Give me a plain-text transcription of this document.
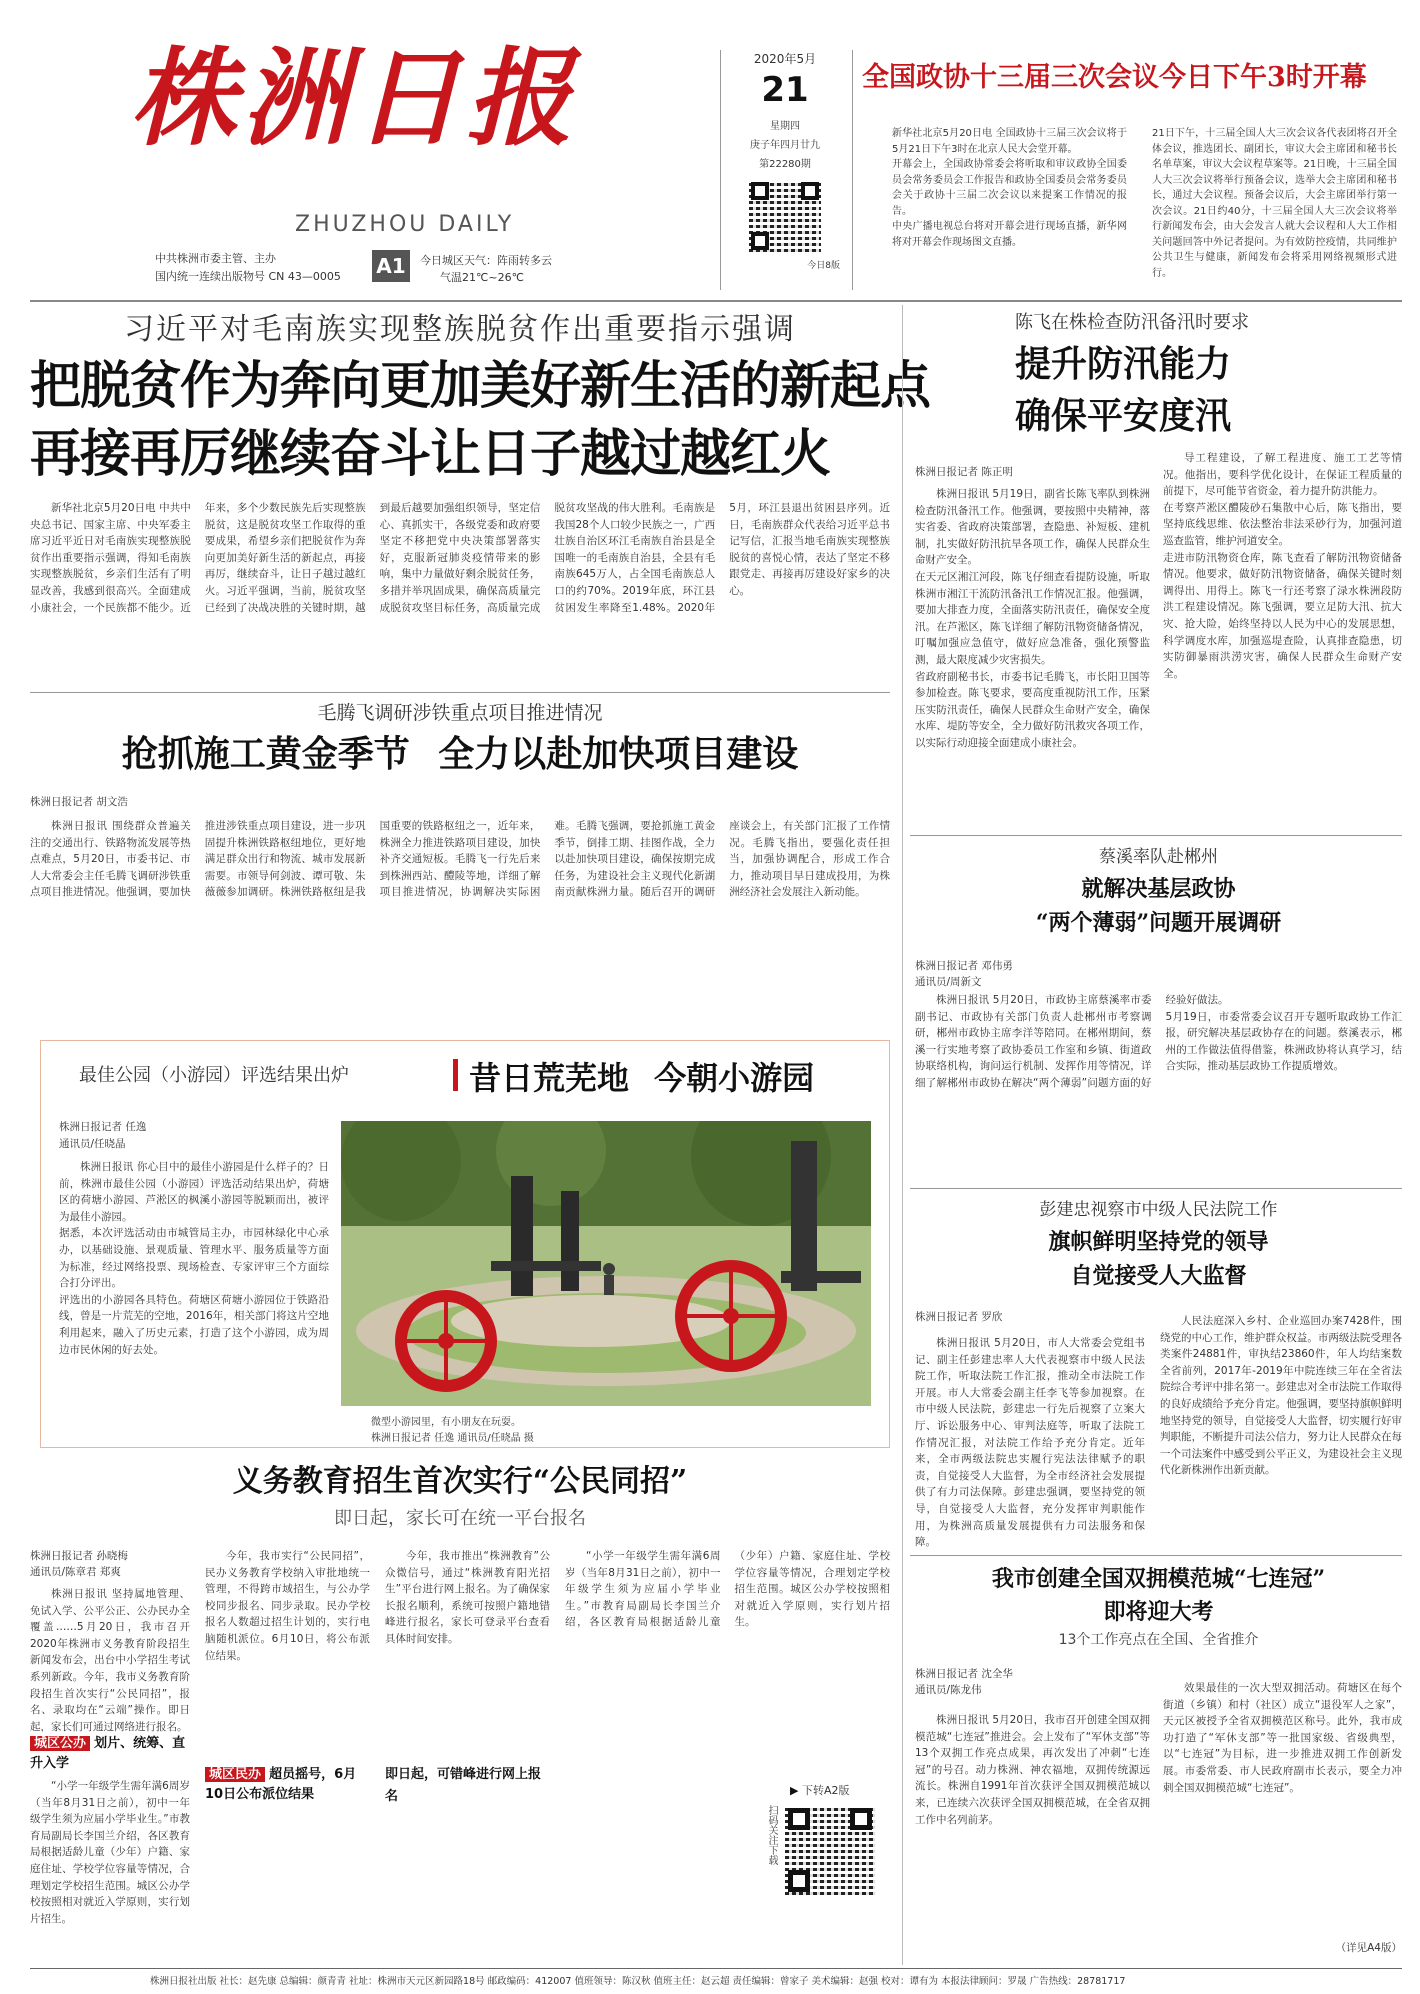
株洲日报
ZHUZHOU DAILY
中共株洲市委主管、主办
国内统一连续出版物号 CN 43—0005 A1	今日城区天气：阵雨转多云
气温21℃~26℃
2020年5月
21
星期四
庚子年四月廿九
第22280期
今日8版
全国政协十三届三次会议今日下午3时开幕
新华社北京5月20日电 全国政协十三届三次会议将于5月21日下午3时在北京人民大会堂开幕。
开幕会上，全国政协常委会将听取和审议政协全国委员会常务委员会工作报告和政协全国委员会常务委员会关于政协十三届二次会议以来提案工作情况的报告。
中央广播电视总台将对开幕会进行现场直播，新华网将对开幕会作现场图文直播。
21日下午，十三届全国人大三次会议各代表团将召开全体会议，推选团长、副团长，审议大会主席团和秘书长名单草案，审议大会议程草案等。21日晚，十三届全国人大三次会议将举行预备会议，选举大会主席团和秘书长，通过大会议程。预备会议后，大会主席团举行第一次会议。21日约40分，十三届全国人大三次会议将举行新闻发布会，由大会发言人就大会议程和人大工作相关问题回答中外记者提问。为有效防控疫情，共同维护公共卫生与健康，新闻发布会将采用网络视频形式进行。
习近平对毛南族实现整族脱贫作出重要指示强调
把脱贫作为奔向更加美好新生活的新起点
再接再厉继续奋斗让日子越过越红火
新华社北京5月20日电 中共中央总书记、国家主席、中央军委主席习近平近日对毛南族实现整族脱贫作出重要指示强调，得知毛南族实现整族脱贫，乡亲们生活有了明显改善，我感到很高兴。全面建成小康社会，一个民族都不能少。近年来，多个少数民族先后实现整族脱贫，这是脱贫攻坚工作取得的重要成果，希望乡亲们把脱贫作为奔向更加美好新生活的新起点，再接再厉，继续奋斗，让日子越过越红火。习近平强调，当前，脱贫攻坚已经到了决战决胜的关键时期，越到最后越要加强组织领导，坚定信心、真抓实干，各级党委和政府要坚定不移把党中央决策部署落实好，克服新冠肺炎疫情带来的影响，集中力量做好剩余脱贫任务，多措并举巩固成果，确保高质量完成脱贫攻坚目标任务，高质量完成脱贫攻坚战的伟大胜利。毛南族是我国28个人口较少民族之一，广西壮族自治区环江毛南族自治县是全国唯一的毛南族自治县，全县有毛南族645万人，占全国毛南族总人口的约70%。2019年底，环江县贫困发生率降至1.48%。2020年5月，环江县退出贫困县序列。近日，毛南族群众代表给习近平总书记写信，汇报当地毛南族实现整族脱贫的喜悦心情，表达了坚定不移跟党走、再接再厉建设好家乡的决心。
陈飞在株检查防汛备汛时要求
提升防汛能力
确保平安度汛
株洲日报记者 陈正明
株洲日报讯 5月19日，副省长陈飞率队到株洲检查防汛备汛工作。他强调，要按照中央精神，落实省委、省政府决策部署，查隐患、补短板、建机制，扎实做好防汛抗旱各项工作，确保人民群众生命财产安全。
在天元区湘江河段，陈飞仔细查看提防设施，听取株洲市湘江干流防汛备汛工作情况汇报。他强调，要加大排查力度，全面落实防汛责任，确保安全度汛。在芦淞区，陈飞详细了解防汛物资储备情况，叮嘱加强应急值守，做好应急准备，强化预警监测，最大限度减少灾害损失。
省政府副秘书长，市委书记毛腾飞，市长阳卫国等参加检查。陈飞要求，要高度重视防汛工作，压紧压实防汛责任，确保人民群众生命财产安全，确保水库、堤防等安全，全力做好防汛救灾各项工作，以实际行动迎接全面建成小康社会。
导工程建设，了解工程进度、施工工艺等情况。他指出，要科学优化设计，在保证工程质量的前提下，尽可能节省资金，着力提升防洪能力。
在考察芦淞区醴陵砂石集散中心后，陈飞指出，要坚持底线思维、依法整治非法采砂行为，加强河道巡查监管，维护河道安全。
走进市防汛物资仓库，陈飞查看了解防汛物资储备情况。他要求，做好防汛物资储备，确保关键时刻调得出、用得上。陈飞一行还考察了渌水株洲段防洪工程建设情况。陈飞强调，要立足防大汛、抗大灾、抢大险，始终坚持以人民为中心的发展思想，科学调度水库，加强巡堤查险，认真排查隐患，切实防御暴雨洪涝灾害，确保人民群众生命财产安全。
蔡溪率队赴郴州
就解决基层政协
“两个薄弱”问题开展调研
株洲日报记者 邓伟勇
通讯员/周新文
株洲日报讯 5月20日，市政协主席蔡溪率市委副书记、市政协有关部门负责人赴郴州市考察调研，郴州市政协主席李洋等陪同。在郴州期间，蔡溪一行实地考察了政协委员工作室和乡镇、街道政协联络机构，询问运行机制、发挥作用等情况，详细了解郴州市政协在解决“两个薄弱”问题方面的好经验好做法。
5月19日，市委常委会议召开专题听取政协工作汇报，研究解决基层政协存在的问题。蔡溪表示，郴州的工作做法值得借鉴，株洲政协将认真学习，结合实际，推动基层政协工作提质增效。
彭建忠视察市中级人民法院工作
旗帜鲜明坚持党的领导
自觉接受人大监督
株洲日报记者 罗欣
株洲日报讯 5月20日，市人大常委会党组书记、副主任彭建忠率人大代表视察市中级人民法院工作，听取法院工作汇报，推动全市法院工作开展。市人大常委会副主任李飞等参加视察。在市中级人民法院，彭建忠一行先后视察了立案大厅、诉讼服务中心、审判法庭等，听取了法院工作情况汇报，对法院工作给予充分肯定。近年来，全市两级法院忠实履行宪法法律赋予的职责，自觉接受人大监督，为全市经济社会发展提供了有力司法保障。彭建忠强调，要坚持党的领导，自觉接受人大监督，充分发挥审判职能作用，为株洲高质量发展提供有力司法服务和保障。
人民法庭深入乡村、企业巡回办案7428件，围绕党的中心工作，维护群众权益。市两级法院受理各类案件24881件，审执结23860件，年人均结案数全省前列，2017年-2019年中院连续三年在全省法院综合考评中排名第一。彭建忠对全市法院工作取得的良好成绩给予充分肯定。他强调，要坚持旗帜鲜明地坚持党的领导，自觉接受人大监督，切实履行好审判职能，不断提升司法公信力，努力让人民群众在每一个司法案件中感受到公平正义，为建设社会主义现代化新株洲作出新贡献。
我市创建全国双拥模范城“七连冠”
即将迎大考
13个工作亮点在全国、全省推介
株洲日报记者 沈全华
通讯员/陈龙伟
株洲日报讯 5月20日，我市召开创建全国双拥模范城“七连冠”推进会。会上发布了“军休支部”等13个双拥工作亮点成果，再次发出了冲刺“七连冠”的号召。动力株洲、神农福地，双拥传统源远流长。株洲自1991年首次获评全国双拥模范城以来，已连续六次获评全国双拥模范城，在全省双拥工作中名列前茅。
效果最佳的一次大型双拥活动。荷塘区在每个街道（乡镇）和村（社区）成立“退役军人之家”，天元区被授予全省双拥模范区称号。此外，我市成功打造了“军休支部”等一批国家级、省级典型，以“七连冠”为目标，进一步推进双拥工作创新发展。市委常委、市人民政府副市长表示，要全力冲刺全国双拥模范城“七连冠”。
（详见A4版）
毛腾飞调研涉铁重点项目推进情况
抢抓施工黄金季节 全力以赴加快项目建设
株洲日报记者 胡文浩
株洲日报讯 围绕群众普遍关注的交通出行、铁路物流发展等热点难点，5月20日，市委书记、市人大常委会主任毛腾飞调研涉铁重点项目推进情况。他强调，要加快推进涉铁重点项目建设，进一步巩固提升株洲铁路枢纽地位，更好地满足群众出行和物流、城市发展新需要。市领导何剑波、谭可敬、朱薇薇参加调研。株洲铁路枢纽是我国重要的铁路枢纽之一，近年来，株洲全力推进铁路项目建设，加快补齐交通短板。毛腾飞一行先后来到株洲西站、醴陵等地，详细了解项目推进情况，协调解决实际困难。毛腾飞强调，要抢抓施工黄金季节，倒排工期、挂图作战，全力以赴加快项目建设，确保按期完成任务，为建设社会主义现代化新湖南贡献株洲力量。随后召开的调研座谈会上，有关部门汇报了工作情况。毛腾飞指出，要强化责任担当，加强协调配合，形成工作合力，推动项目早日建成投用，为株洲经济社会发展注入新动能。
最佳公园（小游园）评选结果出炉	昔日荒芜地 今朝小游园
株洲日报记者 任逸
通讯员/任晓晶
株洲日报讯 你心目中的最佳小游园是什么样子的？日前，株洲市最佳公园（小游园）评选活动结果出炉，荷塘区的荷塘小游园、芦淞区的枫溪小游园等脱颖而出，被评为最佳小游园。
据悉，本次评选活动由市城管局主办，市园林绿化中心承办，以基础设施、景观质量、管理水平、服务质量等方面为标准，经过网络投票、现场检查、专家评审三个方面综合打分评出。
评选出的小游园各具特色。荷塘区荷塘小游园位于铁路沿线，曾是一片荒芜的空地，2016年，相关部门将这片空地利用起来，融入了历史元素，打造了这个小游园，成为周边市民休闲的好去处。
微型小游园里，有小朋友在玩耍。
株洲日报记者 任逸 通讯员/任晓晶 摄
义务教育招生首次实行“公民同招”
即日起，家长可在统一平台报名
株洲日报记者 孙晓梅
通讯员/陈章君 郑爽
株洲日报讯 坚持属地管理、免试入学、公平公正、公办民办全覆盖……5月20日，我市召开2020年株洲市义务教育阶段招生新闻发布会，出台中小学招生考试系列新政。今年，我市义务教育阶段招生首次实行“公民同招”，报名、录取均在“云端”操作。即日起，家长们可通过网络进行报名。
城区公办 划片、统筹、直升入学
“小学一年级学生需年满6周岁（当年8月31日之前），初中一年级学生须为应届小学毕业生。”市教育局副局长李国兰介绍，各区教育局根据适龄儿童（少年）户籍、家庭住址、学校学位容量等情况，合理划定学校招生范围。城区公办学校按照相对就近入学原则，实行划片招生。
今年，我市实行“公民同招”，民办义务教育学校纳入审批地统一管理，不得跨市域招生，与公办学校同步报名、同步录取。民办学校报名人数超过招生计划的，实行电脑随机派位。6月10日，将公布派位结果。
城区民办 超员摇号，6月10日公布派位结果
今年，我市推出“株洲教育”公众微信号，通过“株洲教育阳光招生”平台进行网上报名。为了确保家长报名顺利，系统可按照户籍地错峰进行报名，家长可登录平台查看具体时间安排。
即日起，可错峰进行网上报名
“小学一年级学生需年满6周岁（当年8月31日之前），初中一年级学生须为应届小学毕业生。”市教育局副局长李国兰介绍，各区教育局根据适龄儿童（少年）户籍、家庭住址、学校学位容量等情况，合理划定学校招生范围。城区公办学校按照相对就近入学原则，实行划片招生。
扫码关注下载
▶ 下转A2版
株洲日报社出版 社长：赵先康 总编辑：颜青青 社址：株洲市天元区新园路18号 邮政编码：412007 值班领导：陈汉秋 值班主任：赵云超 责任编辑：曾家子 美术编辑：赵强 校对：谭有为 本报法律顾问：罗晟 广告热线：28781717
